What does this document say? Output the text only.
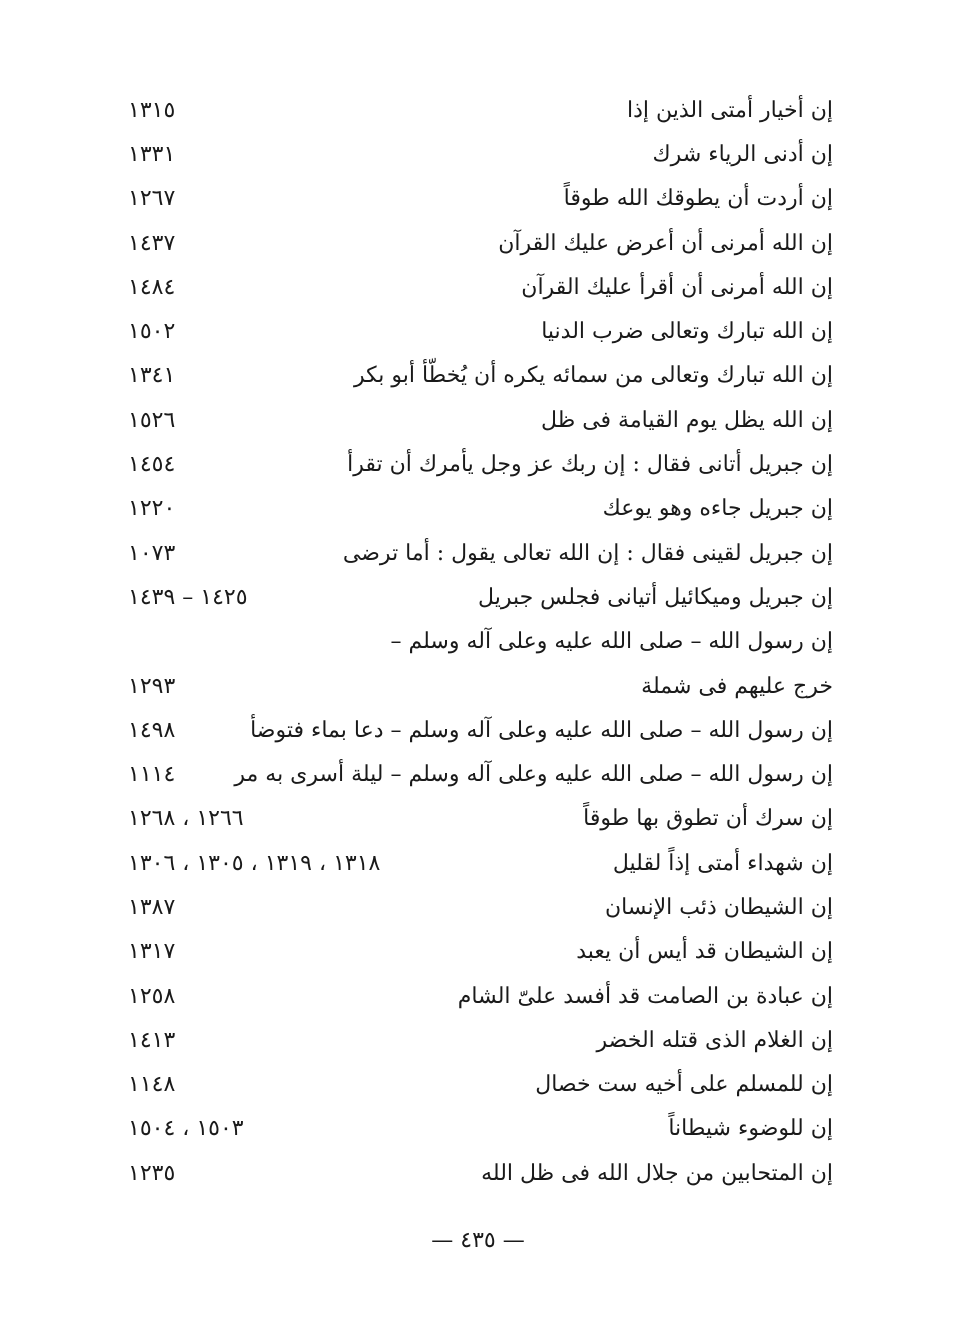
إن أخيار أمتى الذين إذا
١٣١٥
إن أدنى الرياء شرك
١٣٣١
إن أردت أن يطوقك الله طوقاً
١٢٦٧
إن الله أمرنى أن أعرض عليك القرآن
١٤٣٧
إن الله أمرنى أن أقرأ عليك القرآن
١٤٨٤
إن الله تبارك وتعالى ضرب الدنيا
١٥٠٢
إن الله تبارك وتعالى من سمائه يكره أن يُخطّأ أبو بكر
١٣٤١
إن الله يظل يوم القيامة فى ظل
١٥٢٦
إن جبريل أتانى فقال : إن ربك عز وجل يأمرك أن تقرأ
١٤٥٤
إن جبريل جاءه وهو يوعك
١٢٢٠
إن جبريل لقينى فقال : إن الله تعالى يقول : أما ترضى
١٠٧٣
إن جبريل وميكائيل أتيانى فجلس جبريل
١٤٢٥ – ١٤٣٩
إن رسول الله – صلى الله عليه وعلى آله وسلم –
خرج عليهم فى شملة
١٢٩٣
إن رسول الله – صلى الله عليه وعلى آله وسلم – دعا بماء فتوضأ
١٤٩٨
إن رسول الله – صلى الله عليه وعلى آله وسلم – ليلة أسرى به مر
١١١٤
إن سرك أن تطوق بها طوقاً
١٢٦٦ ، ١٢٦٨
إن شهداء أمتى إذاً لقليل
١٣١٨ ، ١٣١٩ ، ١٣٠٥ ، ١٣٠٦
إن الشيطان ذئب الإنسان
١٣٨٧
إن الشيطان قد أيس أن يعبد
١٣١٧
إن عبادة بن الصامت قد أفسد علىّ الشام
١٢٥٨
إن الغلام الذى قتله الخضر
١٤١٣
إن للمسلم على أخيه ست خصال
١١٤٨
إن للوضوء شيطاناً
١٥٠٣ ، ١٥٠٤
إن المتحابين من جلال الله فى ظل الله
١٢٣٥
— ٤٣٥ —
